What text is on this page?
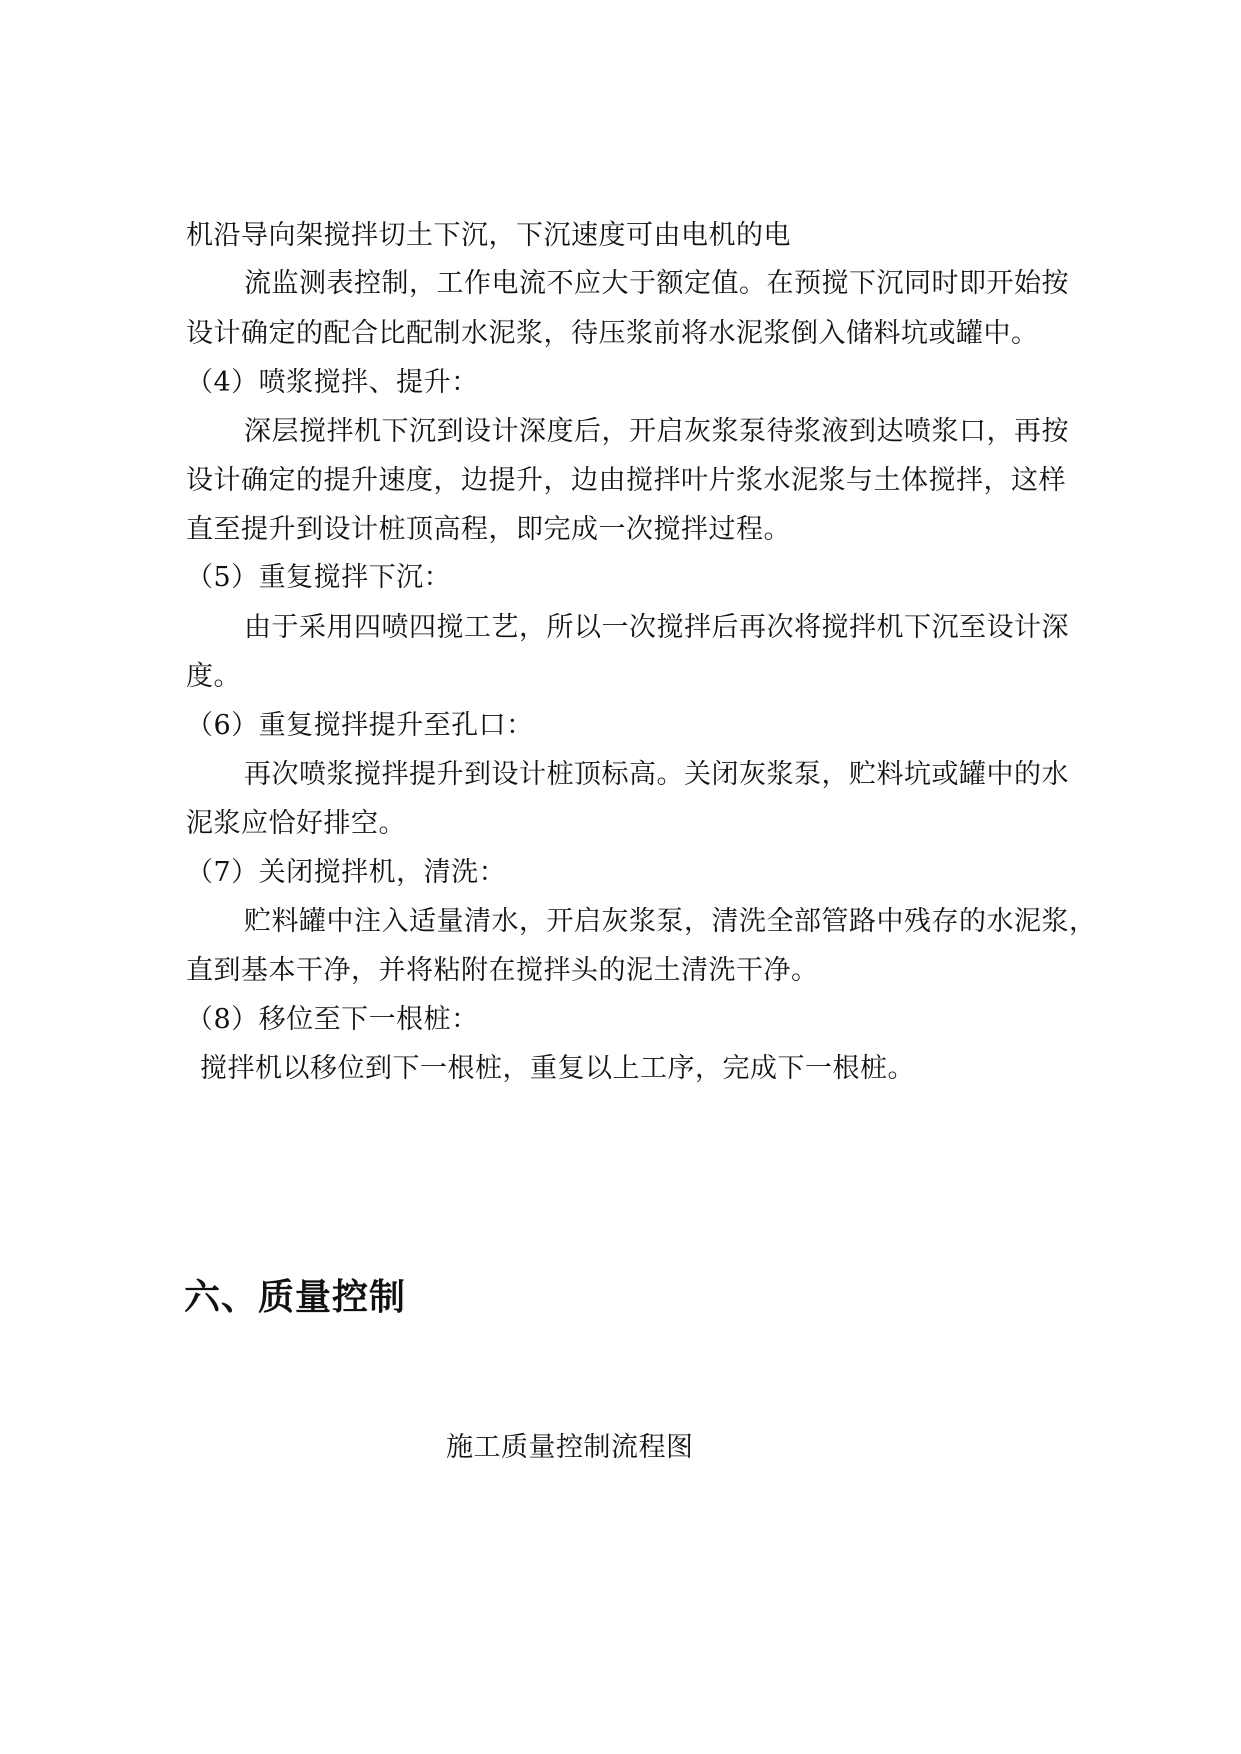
机沿导向架搅拌切土下沉，下沉速度可由电机的电
流监测表控制，工作电流不应大于额定值。在预搅下沉同时即开始按
设计确定的配合比配制水泥浆，待压浆前将水泥浆倒入储料坑或罐中。
（4）喷浆搅拌、提升：
深层搅拌机下沉到设计深度后，开启灰浆泵待浆液到达喷浆口，再按
设计确定的提升速度，边提升，边由搅拌叶片浆水泥浆与土体搅拌，这样
直至提升到设计桩顶高程，即完成一次搅拌过程。
（5）重复搅拌下沉：
由于采用四喷四搅工艺，所以一次搅拌后再次将搅拌机下沉至设计深
度。
（6）重复搅拌提升至孔口：
再次喷浆搅拌提升到设计桩顶标高。关闭灰浆泵，贮料坑或罐中的水
泥浆应恰好排空。
（7）关闭搅拌机，清洗：
贮料罐中注入适量清水，开启灰浆泵，清洗全部管路中残存的水泥浆，
直到基本干净，并将粘附在搅拌头的泥土清洗干净。
（8）移位至下一根桩：
搅拌机以移位到下一根桩，重复以上工序，完成下一根桩。
六、质量控制
施工质量控制流程图
